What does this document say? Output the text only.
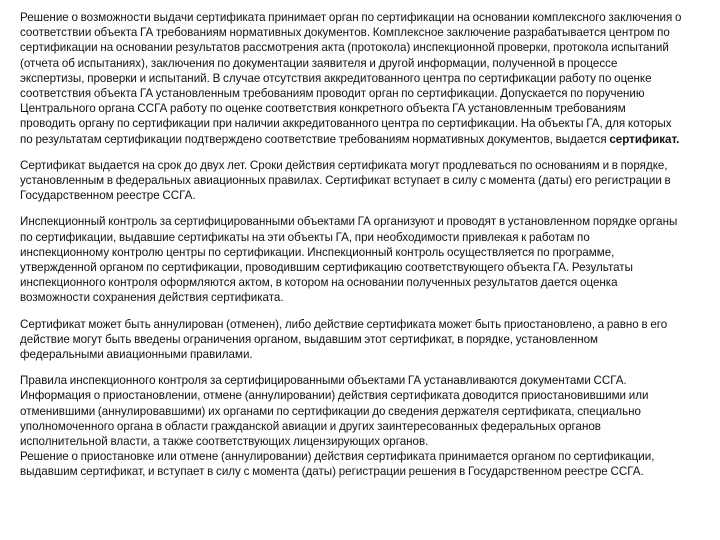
Решение о возможности выдачи сертификата принимает орган по сертификации на основании комплексного заключения о
соответствии объекта ГА требованиям нормативных документов. Комплексное заключение разрабатывается центром по
сертификации на основании результатов рассмотрения акта (протокола) инспекционной проверки, протокола испытаний
(отчета об испытаниях), заключения по документации заявителя и другой информации, полученной в процессе
экспертизы, проверки и испытаний. В случае отсутствия аккредитованного центра по сертификации работу по оценке
соответствия объекта ГА установленным требованиям проводит орган по сертификации. Допускается по поручению
Центрального органа ССГА работу по оценке соответствия конкретного объекта ГА установленным требованиям
проводить органу по сертификации при наличии аккредитованного центра по сертификации. На объекты ГА, для которых
по результатам сертификации подтверждено соответствие требованиям нормативных документов, выдается сертификат.

Сертификат выдается на срок до двух лет. Сроки действия сертификата могут продлеваться по основаниям и в порядке,
установленным в федеральных авиационных правилах. Сертификат вступает в силу с момента (даты) его регистрации в
Государственном реестре ССГА.

Инспекционный контроль за сертифицированными объектами ГА организуют и проводят в установленном порядке органы
по сертификации, выдавшие сертификаты на эти объекты ГА, при необходимости привлекая к работам по
инспекционному контролю центры по сертификации. Инспекционный контроль осуществляется по программе,
утвержденной органом по сертификации, проводившим сертификацию соответствующего объекта ГА. Результаты
инспекционного контроля оформляются актом, в котором на основании полученных результатов дается оценка
возможности сохранения действия сертификата.

Сертификат может быть аннулирован (отменен), либо действие сертификата может быть приостановлено, а равно в его
действие могут быть введены ограничения органом, выдавшим этот сертификат, в порядке, установленном
федеральными авиационными правилами.

Правила инспекционного контроля за сертифицированными объектами ГА устанавливаются документами ССГА.
Информация о приостановлении, отмене (аннулировании) действия сертификата доводится приостановившими или
отменившими (аннулировавшими) их органами по сертификации до сведения держателя сертификата, специально
уполномоченного органа в области гражданской авиации и других заинтересованных федеральных органов
исполнительной власти, а также соответствующих лицензирующих органов.
Решение о приостановке или отмене (аннулировании) действия сертификата принимается органом по сертификации,
выдавшим сертификат, и вступает в силу с момента (даты) регистрации решения в Государственном реестре ССГА.
